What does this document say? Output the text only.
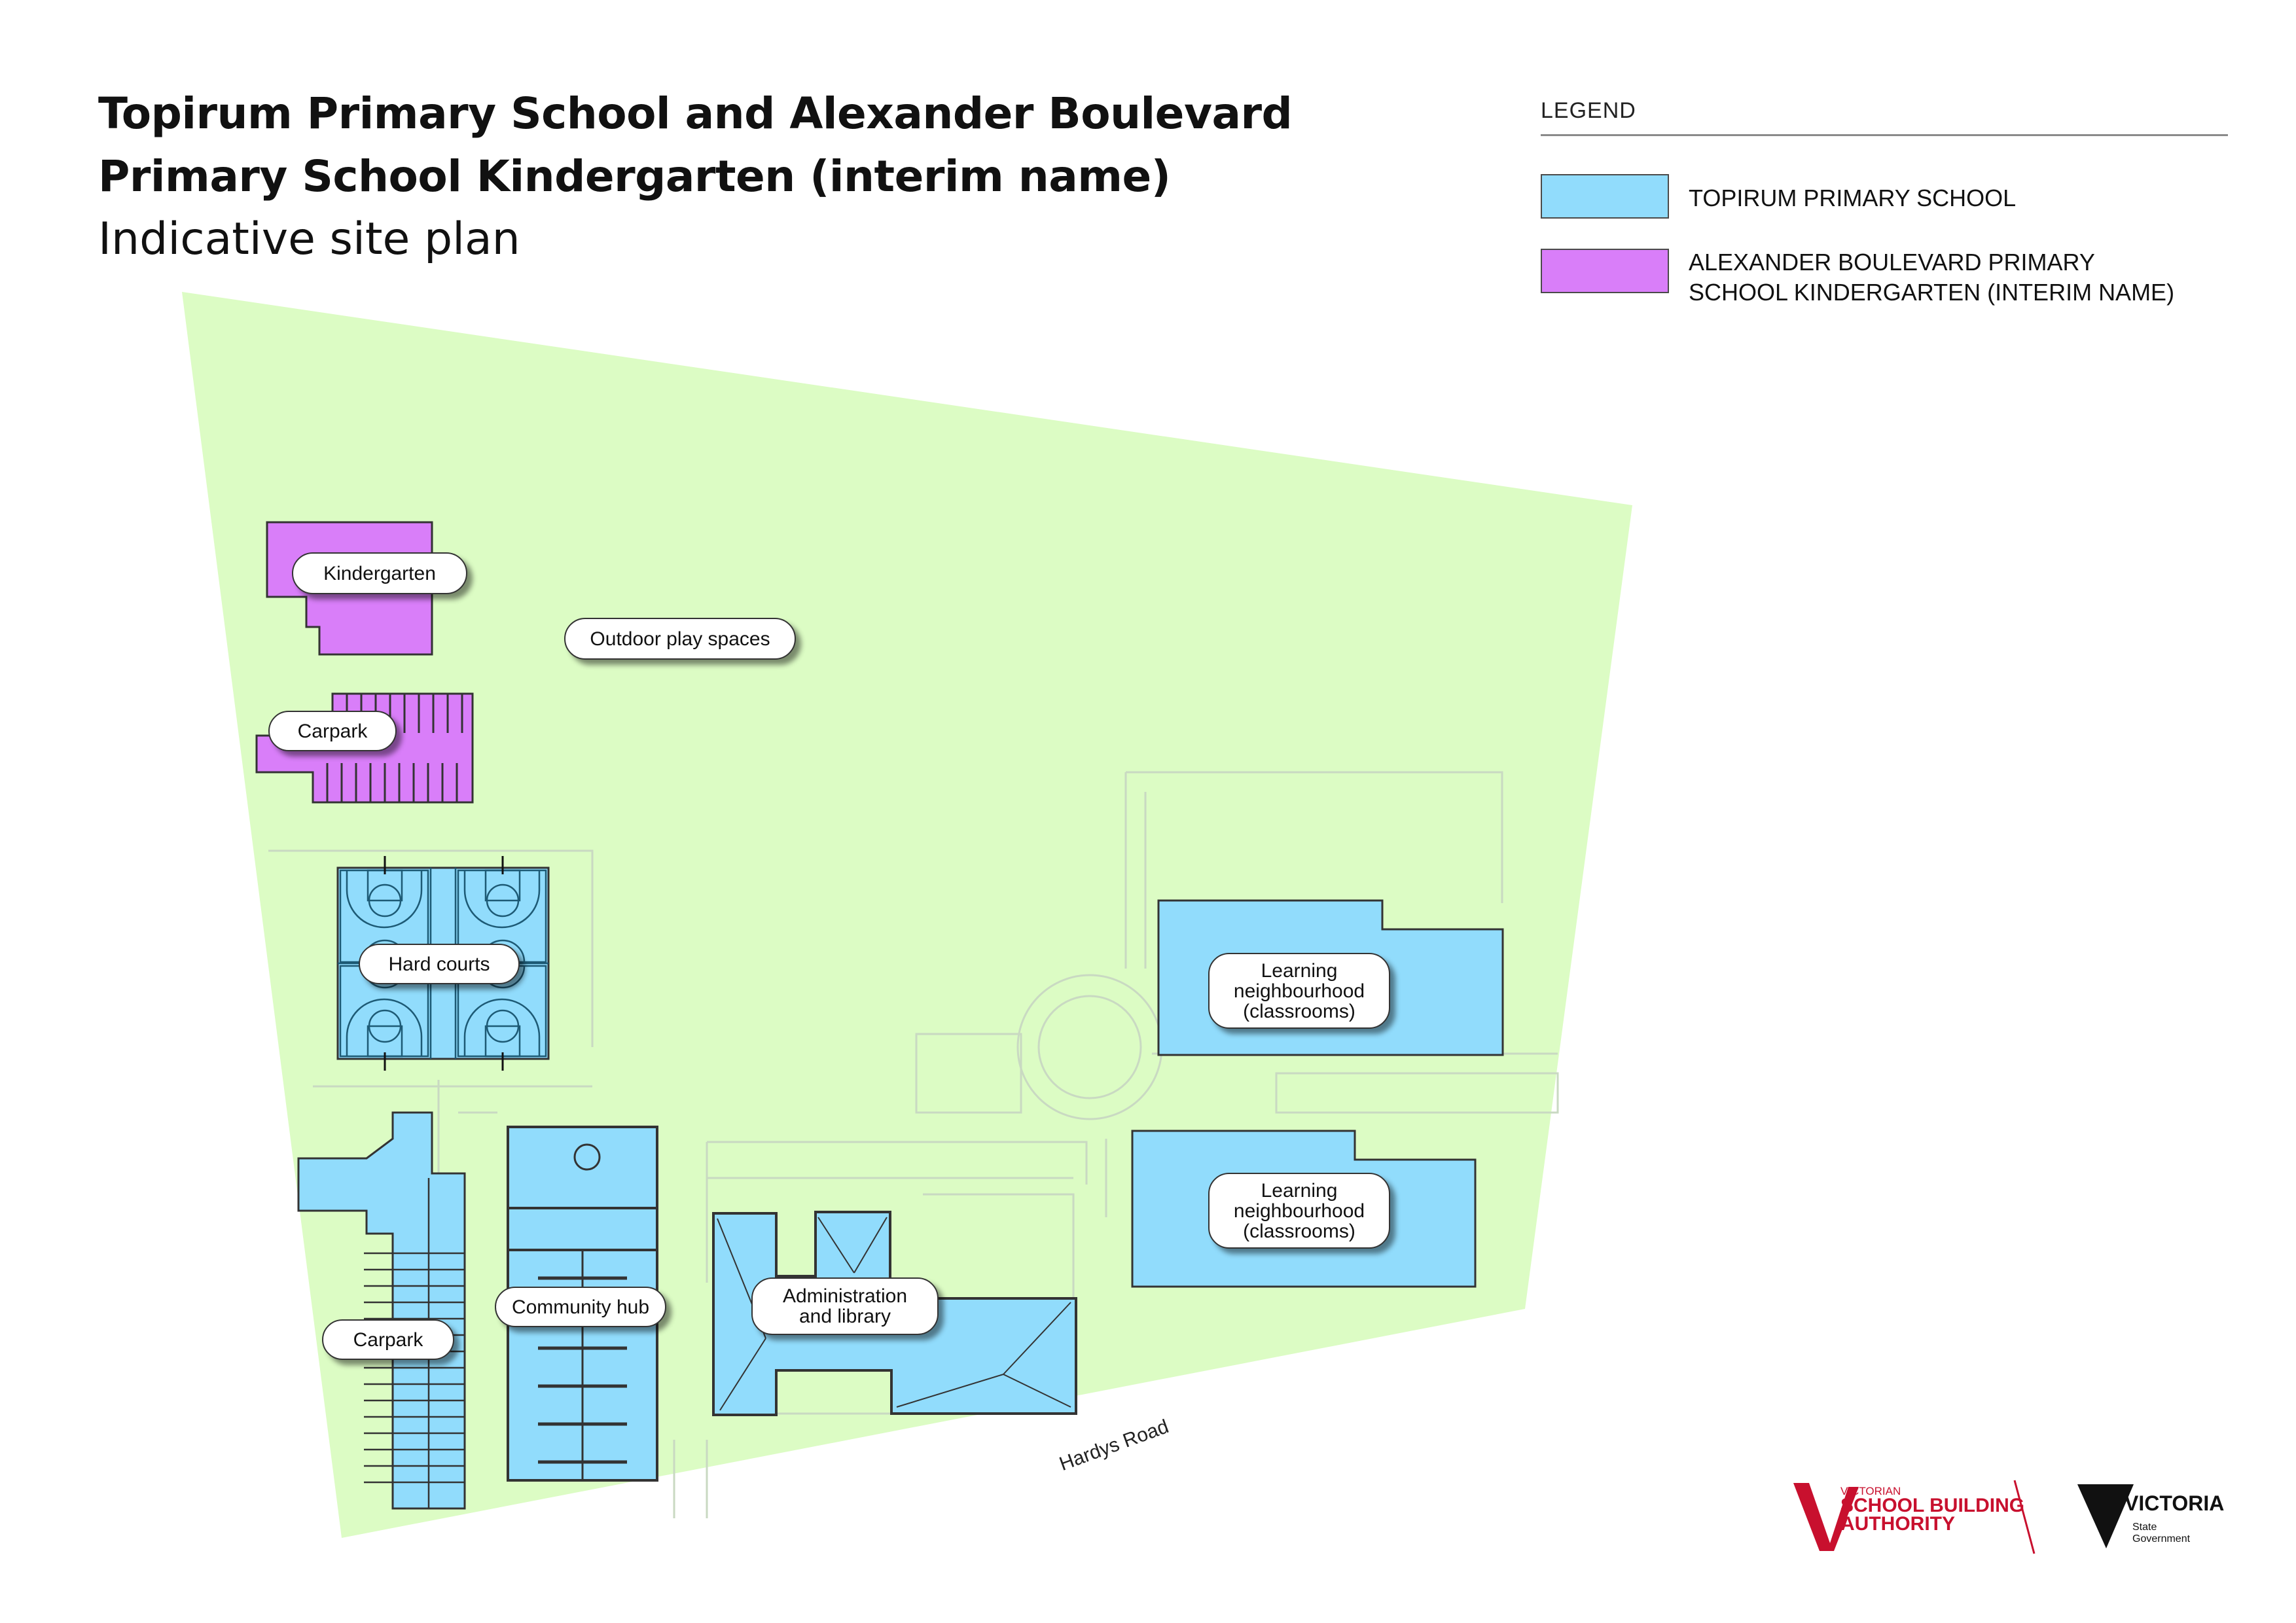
Topirum Primary School and Alexander Boulevard
Primary School Kindergarten (interim name)
Indicative site plan
LEGEND
TOPIRUM PRIMARY SCHOOL
ALEXANDER BOULEVARD PRIMARY
SCHOOL KINDERGARTEN (INTERIM NAME)
Kindergarten
Outdoor play spaces
Carpark
Hard courts	Learning
neighbourhood
(classrooms)
Learning
neighbourhood
(classrooms)
Community hub	Administration
and library
Carpark
Hardys Road
VICTORIAN
SCHOOL BUILDING
AUTHORITY
VICTORIA
State
Government
